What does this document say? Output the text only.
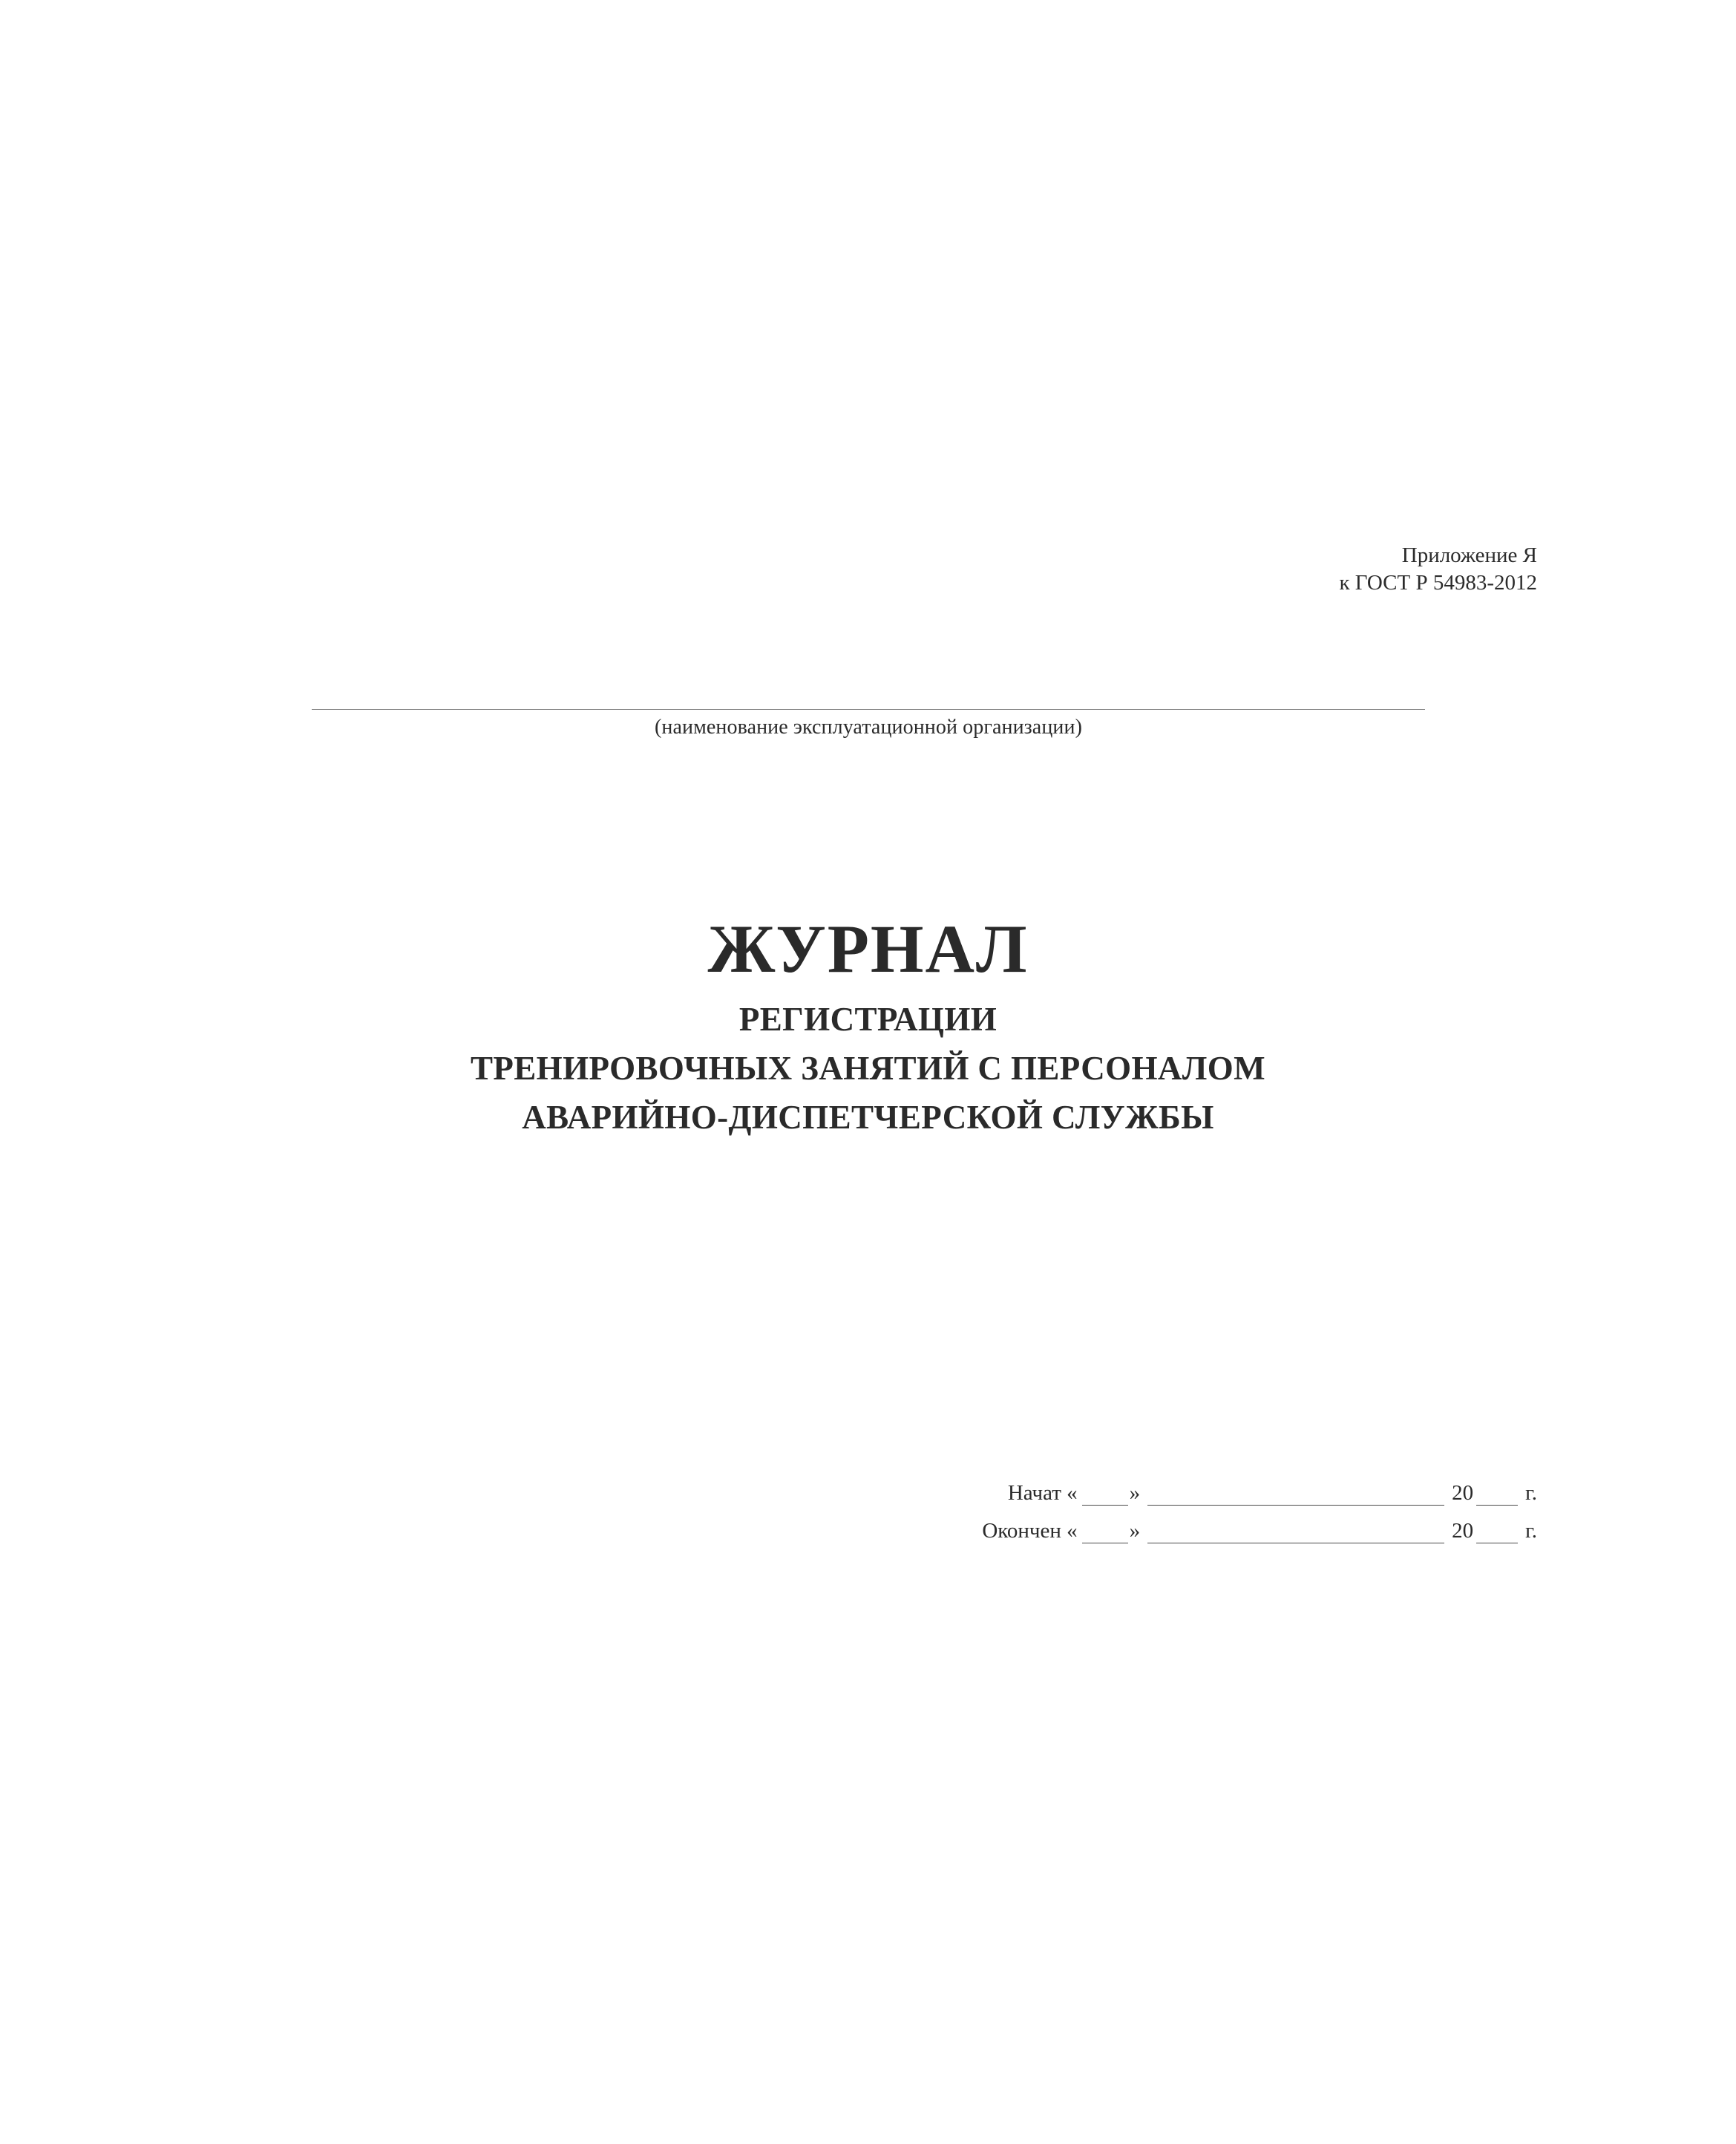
Приложение Я
к ГОСТ Р 54983-2012
(наименование эксплуатационной организации)
ЖУРНАЛ
РЕГИСТРАЦИИ
ТРЕНИРОВОЧНЫХ ЗАНЯТИЙ С ПЕРСОНАЛОМ
АВАРИЙНО-ДИСПЕТЧЕРСКОЙ СЛУЖБЫ
Начат « »	20 г.
Окончен « »	20 г.
